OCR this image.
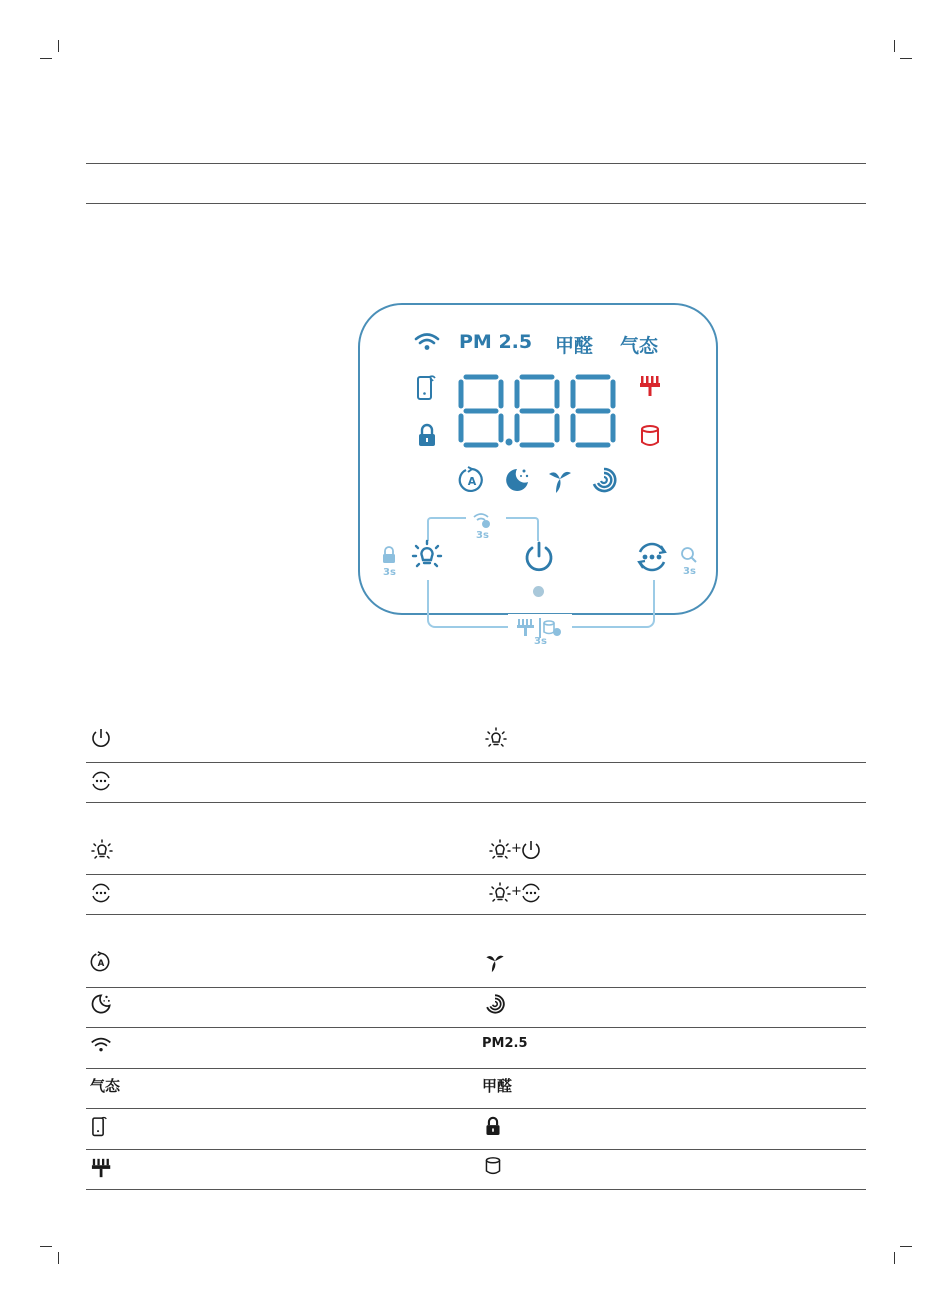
PM 2.5 甲醛 气态
A
3s
3s	3s
3s
+
+
A
PM2.5
气态	甲醛
